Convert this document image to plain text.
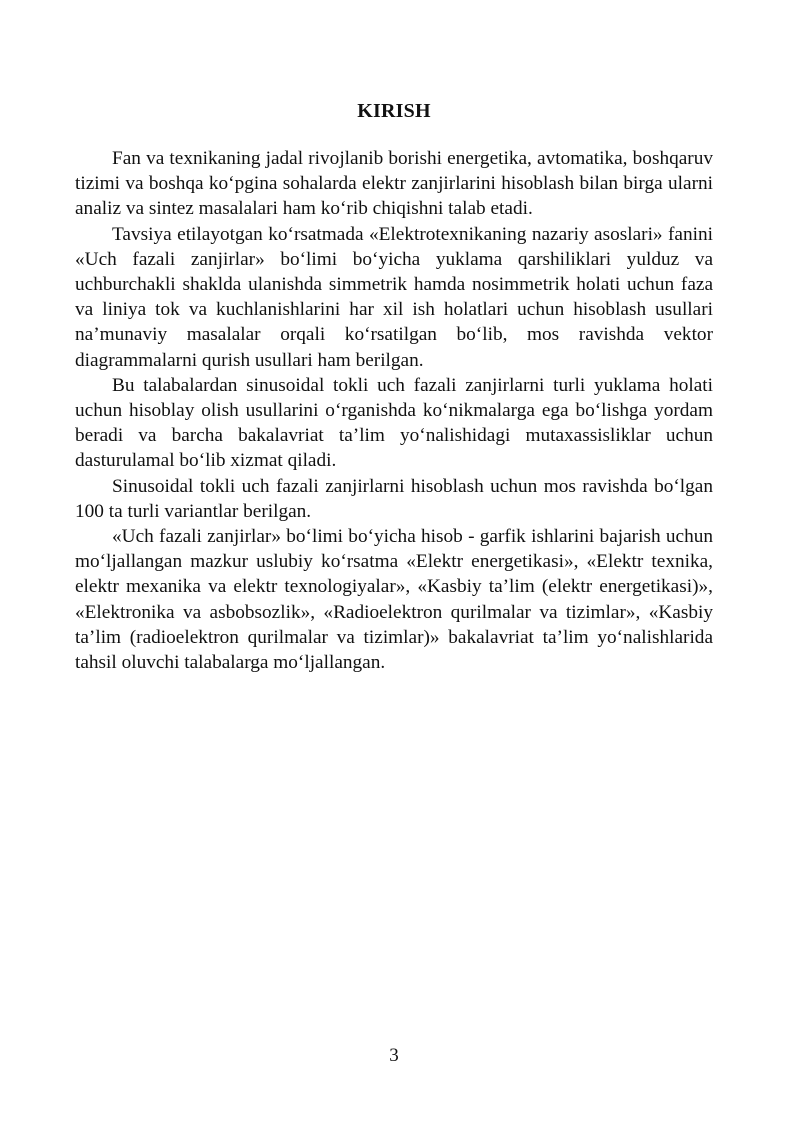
KIRISH

Fan va texnikaning jadal rivojlanib borishi energetika, avtomatika, boshqaruv tizimi va boshqa ko‘pgina sohalarda elektr zanjirlarini hisoblash bilan birga ularni analiz va sintez masalalari ham ko‘rib chiqishni talab etadi.

Tavsiya etilayotgan ko‘rsatmada «Elektrotexnikaning nazariy asoslari» fanini «Uch fazali zanjirlar» bo‘limi bo‘yicha yuklama qarshiliklari yulduz va uchburchakli shaklda ulanishda simmetrik hamda nosimmetrik holati uchun faza va liniya tok va kuchlanishlarini har xil ish holatlari uchun hisoblash usullari na’munaviy masalalar orqali ko‘rsatilgan bo‘lib, mos ravishda vektor diagrammalarni qurish usullari ham berilgan.

Bu talabalardan sinusoidal tokli uch fazali zanjirlarni turli yuklama holati uchun hisoblay olish usullarini o‘rganishda ko‘nikmalarga ega bo‘lishga yordam beradi va barcha bakalavriat ta’lim yo‘nalishidagi mutaxassisliklar uchun dasturulamal bo‘lib xizmat qiladi.

Sinusoidal tokli uch fazali zanjirlarni hisoblash uchun mos ravishda bo‘lgan 100 ta turli variantlar berilgan.

«Uch fazali zanjirlar» bo‘limi bo‘yicha hisob - garfik ishlarini bajarish uchun mo‘ljallangan mazkur uslubiy ko‘rsatma «Elektr energetikasi», «Elektr texnika, elektr mexanika va elektr texnologiyalar», «Kasbiy ta’lim (elektr energetikasi)», «Elektronika va asbobsozlik», «Radioelektron qurilmalar va tizimlar», «Kasbiy ta’lim (radioelektron qurilmalar va tizimlar)» bakalavriat ta’lim yo‘nalishlarida tahsil oluvchi talabalarga mo‘ljallangan.

3
